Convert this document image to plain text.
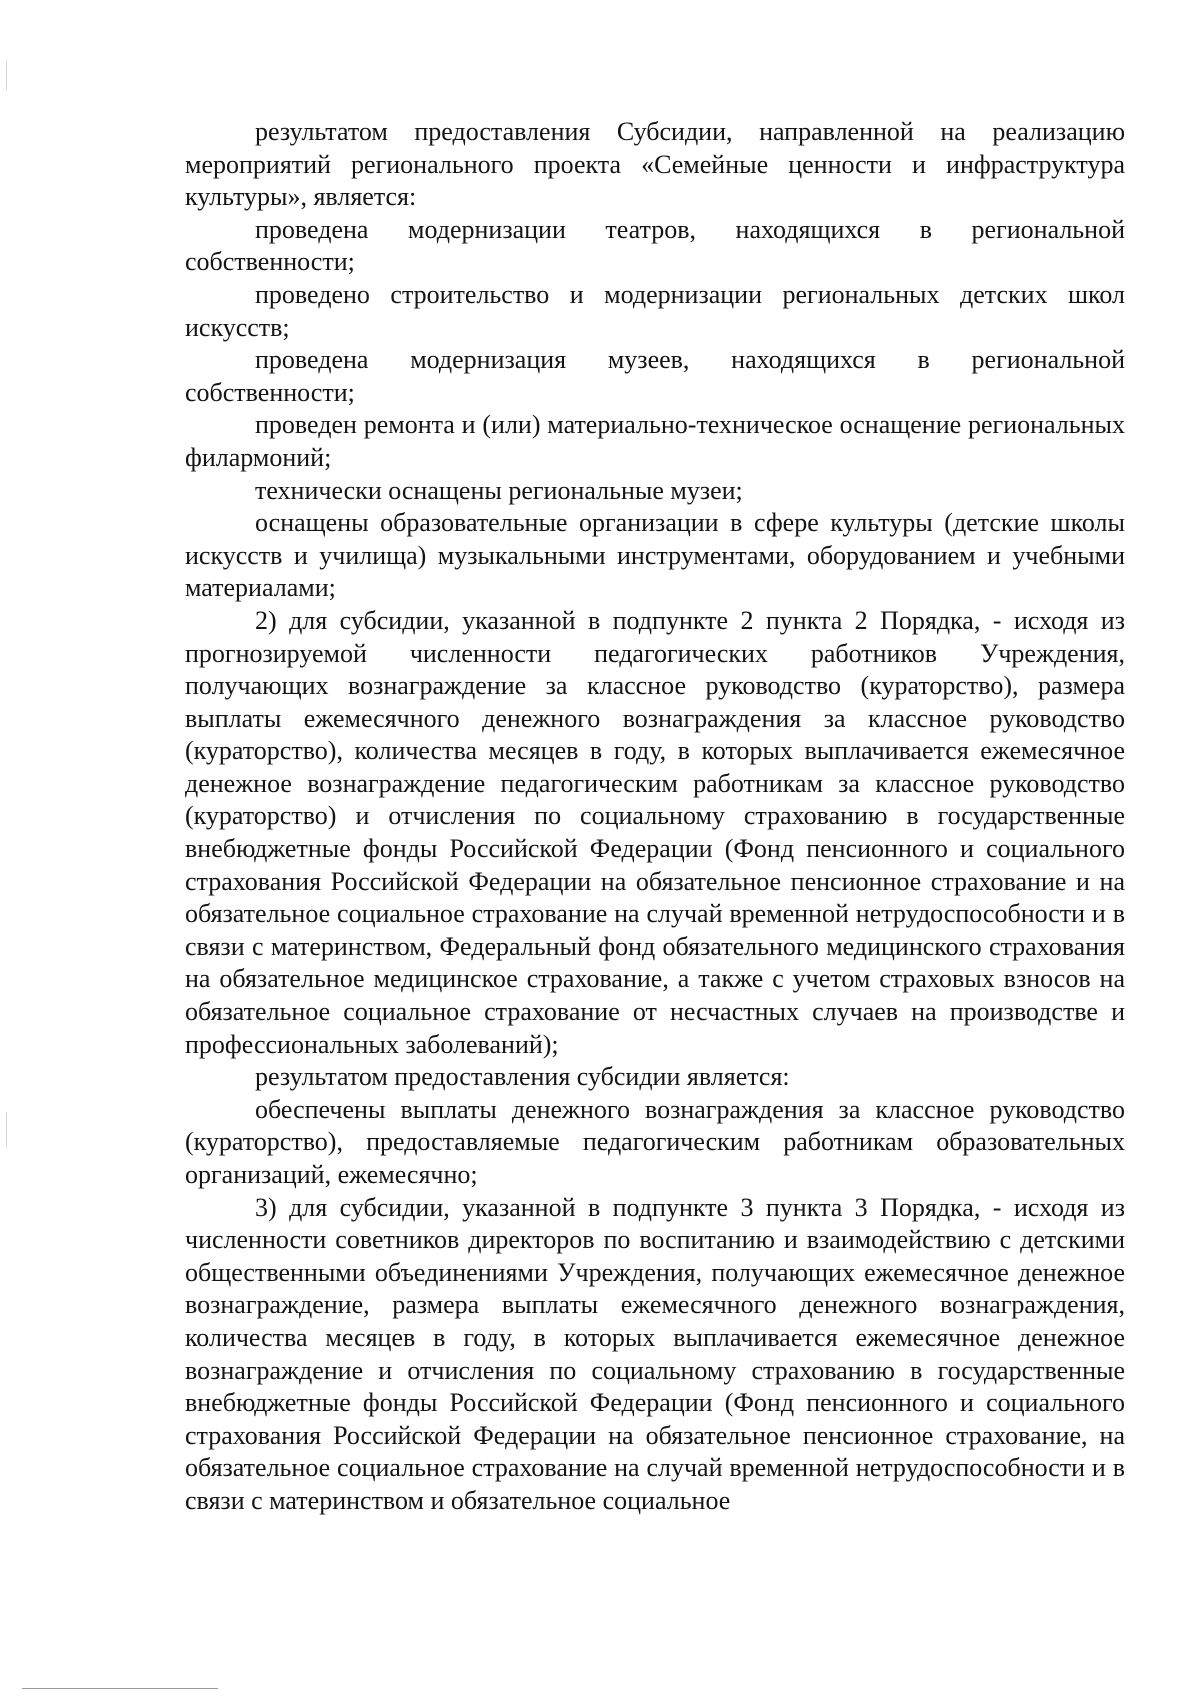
результатом предоставления Субсидии, направленной на реализацию мероприятий регионального проекта «Семейные ценности и инфраструктура культуры», является:

проведена модернизации театров, находящихся в региональной собственности;

проведено строительство и модернизации региональных детских школ искусств;

проведена модернизация музеев, находящихся в региональной собственности;

проведен ремонта и (или) материально-техническое оснащение региональных филармоний;

технически оснащены региональные музеи;

оснащены образовательные организации в сфере культуры (детские школы искусств и училища) музыкальными инструментами, оборудованием и учебными материалами;

2) для субсидии, указанной в подпункте 2 пункта 2 Порядка, - исходя из прогнозируемой численности педагогических работников Учреждения, получающих вознаграждение за классное руководство (кураторство), размера выплаты ежемесячного денежного вознаграждения за классное руководство (кураторство), количества месяцев в году, в которых выплачивается ежемесячное денежное вознаграждение педагогическим работникам за классное руководство (кураторство) и отчисления по социальному страхованию в государственные внебюджетные фонды Российской Федерации (Фонд пенсионного и социального страхования Российской Федерации на обязательное пенсионное страхование и на обязательное социальное страхование на случай временной нетрудоспособности и в связи с материнством, Федеральный фонд обязательного медицинского страхования на обязательное медицинское страхование, а также с учетом страховых взносов на обязательное социальное страхование от несчастных случаев на производстве и профессиональных заболеваний);

результатом предоставления субсидии является:

обеспечены выплаты денежного вознаграждения за классное руководство (кураторство), предоставляемые педагогическим работникам образовательных организаций, ежемесячно;

3) для субсидии, указанной в подпункте 3 пункта 3 Порядка, - исходя из численности советников директоров по воспитанию и взаимодействию с детскими общественными объединениями Учреждения, получающих ежемесячное денежное вознаграждение, размера выплаты ежемесячного денежного вознаграждения, количества месяцев в году, в которых выплачивается ежемесячное денежное вознаграждение и отчисления по социальному страхованию в государственные внебюджетные фонды Российской Федерации (Фонд пенсионного и социального страхования Российской Федерации на обязательное пенсионное страхование, на обязательное социальное страхование на случай временной нетрудоспособности и в связи с материнством и обязательное социальное
